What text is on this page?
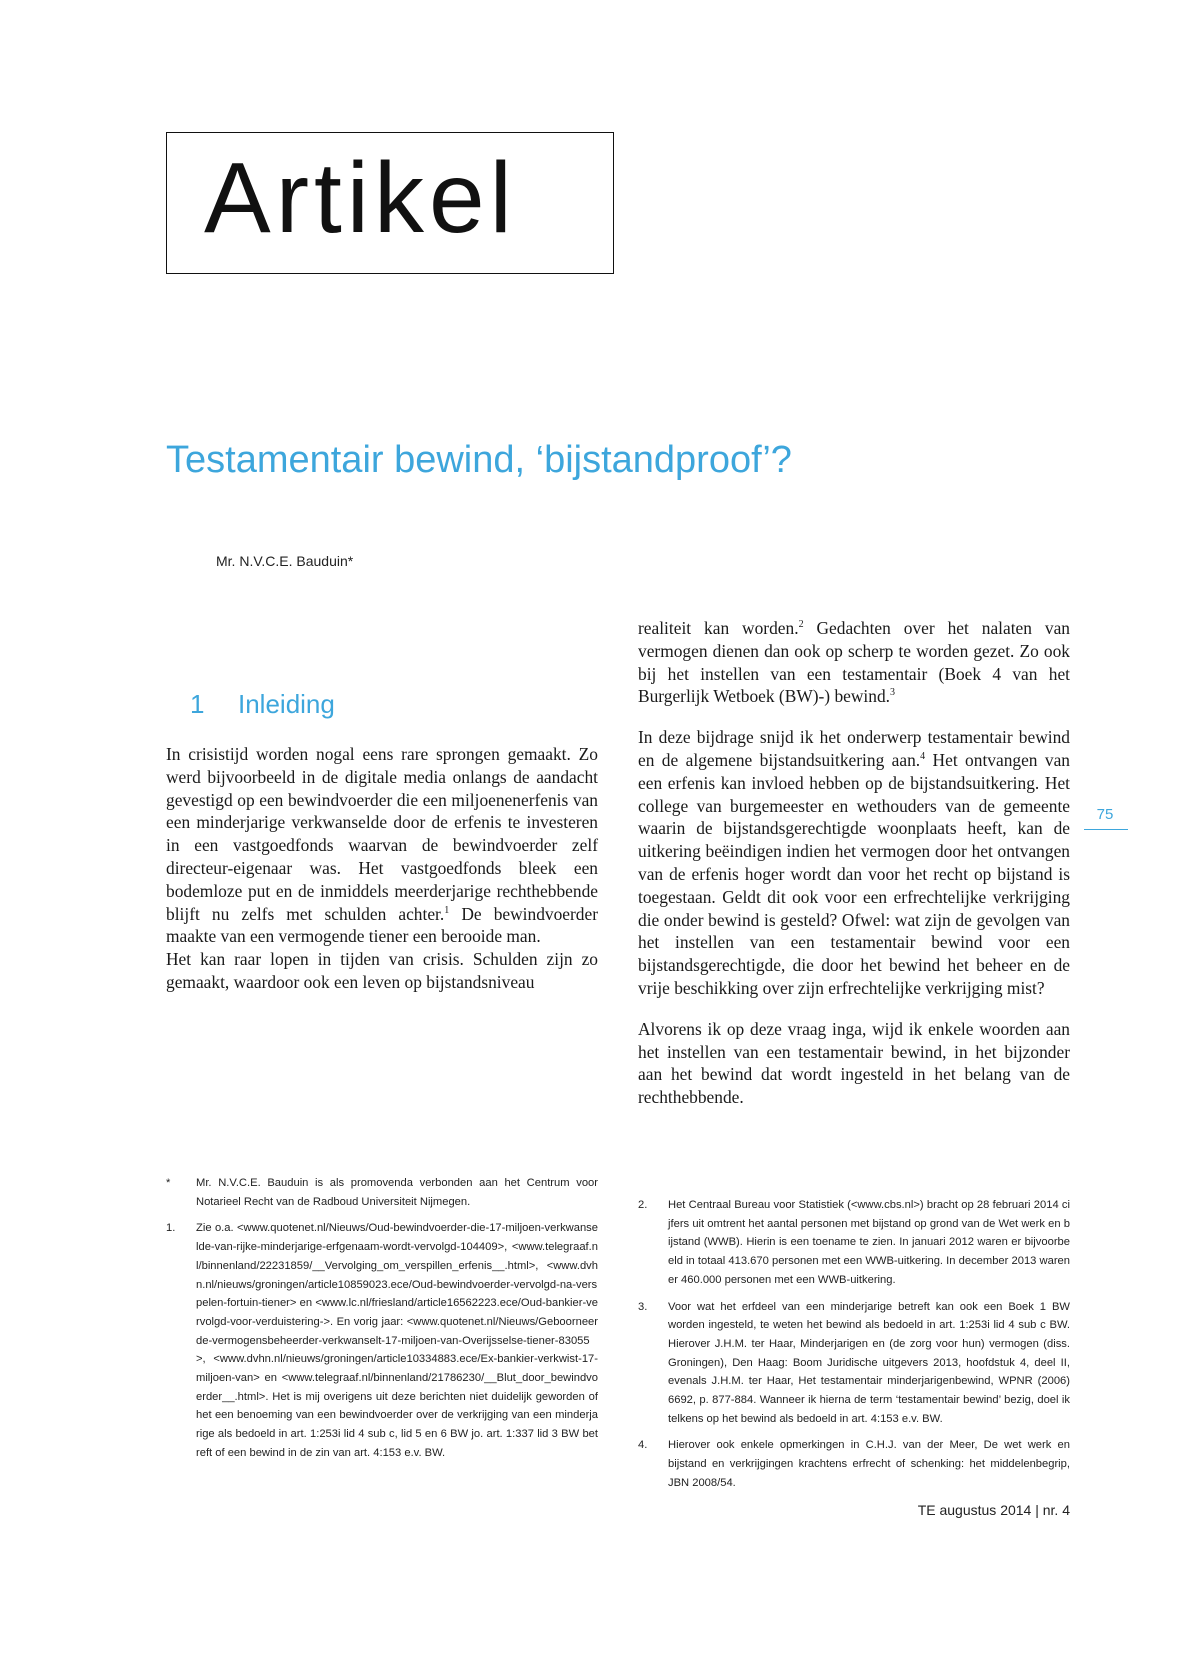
Artikel
Testamentair bewind, ‘bijstandproof’?
Mr. N.V.C.E. Bauduin*
1 Inleiding

In crisistijd worden nogal eens rare sprongen gemaakt. Zo werd bijvoorbeeld in de digitale media onlangs de aandacht gevestigd op een bewindvoerder die een miljoenenerfenis van een minderjarige verkwanselde door de erfenis te investeren in een vastgoedfonds waarvan de bewindvoerder zelf directeur-eigenaar was. Het vastgoedfonds bleek een bodemloze put en de inmiddels meerderjarige rechthebbende blijft nu zelfs met schulden achter.$^1$ De bewindvoerder maakte van een vermogende tiener een berooide man.

Het kan raar lopen in tijden van crisis. Schulden zijn zo gemaakt, waardoor ook een leven op bijstandsniveau

realiteit kan worden.$^2$ Gedachten over het nalaten van vermogen dienen dan ook op scherp te worden gezet. Zo ook bij het instellen van een testamentair (Boek 4 van het Burgerlijk Wetboek (BW)-) bewind.$^3$

In deze bijdrage snijd ik het onderwerp testamentair bewind en de algemene bijstandsuitkering aan.$^4$ Het ontvangen van een erfenis kan invloed hebben op de bijstandsuitkering. Het college van burgemeester en wethouders van de gemeente waarin de bijstandsgerechtigde woonplaats heeft, kan de uitkering beëindigen indien het vermogen door het ontvangen van de erfenis hoger wordt dan voor het recht op bijstand is toegestaan. Geldt dit ook voor een erfrechtelijke verkrijging die onder bewind is gesteld? Ofwel: wat zijn de gevolgen van het instellen van een testamentair bewind voor een bijstandsgerechtigde, die door het bewind het beheer en de vrije beschikking over zijn erfrechtelijke verkrijging mist?

Alvorens ik op deze vraag inga, wijd ik enkele woorden aan het instellen van een testamentair bewind, in het bijzonder aan het bewind dat wordt ingesteld in het belang van de rechthebbende.

75
*	Mr. N.V.C.E. Bauduin is als promovenda verbonden aan het Centrum voor Notarieel Recht van de Radboud Universiteit Nijmegen.
1.	Zie o.a. <www.quotenet.nl/Nieuws/Oud-bewindvoerder-die-17-miljoen-verkwanselde-van-rijke-minderjarige-erfgenaam-wordt-vervolgd-104409>, <www.telegraaf.nl/binnenland/22231859/__Vervolging_om_verspillen_erfenis__.html>, <www.dvhn.nl/nieuws/groningen/article10859023.ece/Oud-bewindvoerder-vervolgd-na-verspelen-fortuin-tiener> en <www.lc.nl/friesland/article16562223.ece/Oud-bankier-vervolgd-voor-verduistering->. En vorig jaar: <www.quotenet.nl/Nieuws/Geboorneerde-vermogensbeheerder-verkwanselt-17-miljoen-van-Overijsselse-tiener-83055>, <www.dvhn.nl/nieuws/groningen/article10334883.ece/Ex-bankier-verkwist-17-miljoen-van> en <www.telegraaf.nl/binnenland/21786230/__Blut_door_bewindvoerder__.html>. Het is mij overigens uit deze berichten niet duidelijk geworden of het een benoeming van een bewindvoerder over de verkrijging van een minderjarige als bedoeld in art. 1:253i lid 4 sub c, lid 5 en 6 BW jo. art. 1:337 lid 3 BW betreft of een bewind in de zin van art. 4:153 e.v. BW.
2.	Het Centraal Bureau voor Statistiek (<www.cbs.nl>) bracht op 28 februari 2014 cijfers uit omtrent het aantal personen met bijstand op grond van de Wet werk en bijstand (WWB). Hierin is een toename te zien. In januari 2012 waren er bijvoorbeeld in totaal 413.670 personen met een WWB-uitkering. In december 2013 waren er 460.000 personen met een WWB-uitkering.
3.	Voor wat het erfdeel van een minderjarige betreft kan ook een Boek 1 BW worden ingesteld, te weten het bewind als bedoeld in art. 1:253i lid 4 sub c BW. Hierover J.H.M. ter Haar, Minderjarigen en (de zorg voor hun) vermogen (diss. Groningen), Den Haag: Boom Juridische uitgevers 2013, hoofdstuk 4, deel II, evenals J.H.M. ter Haar, Het testamentair minderjarigenbewind, WPNR (2006) 6692, p. 877-884. Wanneer ik hierna de term ‘testamentair bewind’ bezig, doel ik telkens op het bewind als bedoeld in art. 4:153 e.v. BW.
4.	Hierover ook enkele opmerkingen in C.H.J. van der Meer, De wet werk en bijstand en verkrijgingen krachtens erfrecht of schenking: het middelenbegrip, JBN 2008/54.
TE augustus 2014 | nr. 4
